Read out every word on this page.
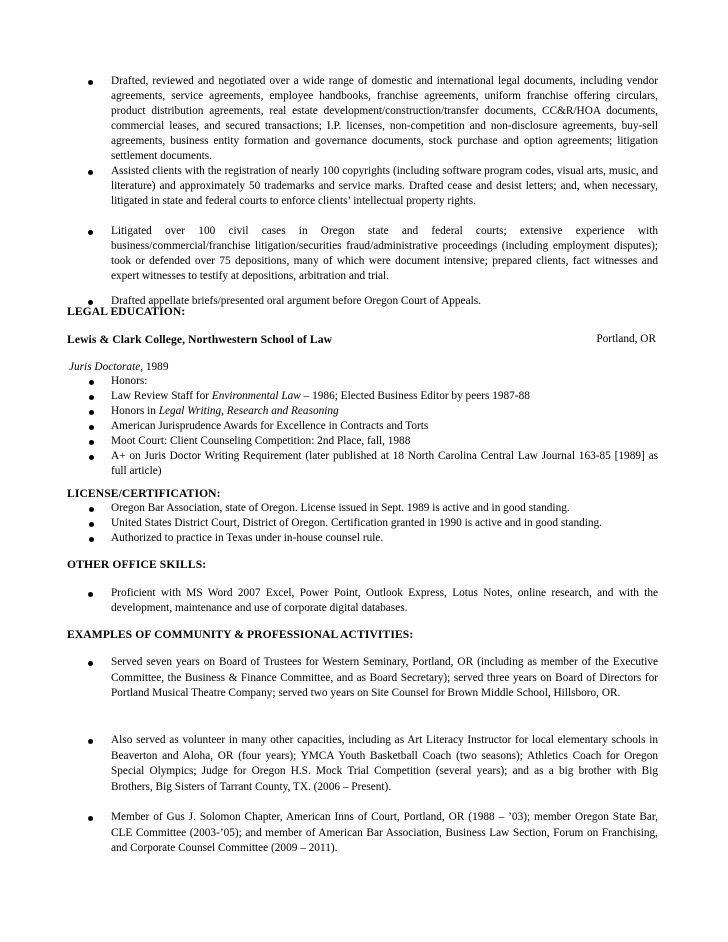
Drafted, reviewed and negotiated over a wide range of domestic and international legal documents, including vendor agreements, service agreements, employee handbooks, franchise agreements, uniform franchise offering circulars, product distribution agreements, real estate development/construction/transfer documents, CC&R/HOA documents, commercial leases, and secured transactions; I.P. licenses, non-competition and non-disclosure agreements, buy-sell agreements, business entity formation and governance documents, stock purchase and option agreements; litigation settlement documents.
Assisted clients with the registration of nearly 100 copyrights (including software program codes, visual arts, music, and literature) and approximately 50 trademarks and service marks. Drafted cease and desist letters; and, when necessary, litigated in state and federal courts to enforce clients’ intellectual property rights.
Litigated over 100 civil cases in Oregon state and federal courts; extensive experience with business/commercial/franchise litigation/securities fraud/administrative proceedings (including employment disputes); took or defended over 75 depositions, many of which were document intensive; prepared clients, fact witnesses and expert witnesses to testify at depositions, arbitration and trial.
Drafted appellate briefs/presented oral argument before Oregon Court of Appeals.
LEGAL EDUCATION:
Lewis & Clark College, Northwestern School of Law	Portland, OR
Juris Doctorate, 1989
Honors:
Law Review Staff for Environmental Law – 1986; Elected Business Editor by peers 1987-88
Honors in Legal Writing, Research and Reasoning
American Jurisprudence Awards for Excellence in Contracts and Torts
Moot Court: Client Counseling Competition: 2nd Place, fall, 1988
A+ on Juris Doctor Writing Requirement (later published at 18 North Carolina Central Law Journal 163-85 [1989] as full article)
LICENSE/CERTIFICATION:
Oregon Bar Association, state of Oregon. License issued in Sept. 1989 is active and in good standing.
United States District Court, District of Oregon. Certification granted in 1990 is active and in good standing.
Authorized to practice in Texas under in-house counsel rule.
OTHER OFFICE SKILLS:
Proficient with MS Word 2007 Excel, Power Point, Outlook Express, Lotus Notes, online research, and with the development, maintenance and use of corporate digital databases.
EXAMPLES OF COMMUNITY & PROFESSIONAL ACTIVITIES:
Served seven years on Board of Trustees for Western Seminary, Portland, OR (including as member of the Executive Committee, the Business & Finance Committee, and as Board Secretary); served three years on Board of Directors for Portland Musical Theatre Company; served two years on Site Counsel for Brown Middle School, Hillsboro, OR.
Also served as volunteer in many other capacities, including as Art Literacy Instructor for local elementary schools in Beaverton and Aloha, OR (four years); YMCA Youth Basketball Coach (two seasons); Athletics Coach for Oregon Special Olympics; Judge for Oregon H.S. Mock Trial Competition (several years); and as a big brother with Big Brothers, Big Sisters of Tarrant County, TX. (2006 – Present).
Member of Gus J. Solomon Chapter, American Inns of Court, Portland, OR (1988 – ’03); member Oregon State Bar, CLE Committee (2003-’05); and member of American Bar Association, Business Law Section, Forum on Franchising, and Corporate Counsel Committee (2009 – 2011).
